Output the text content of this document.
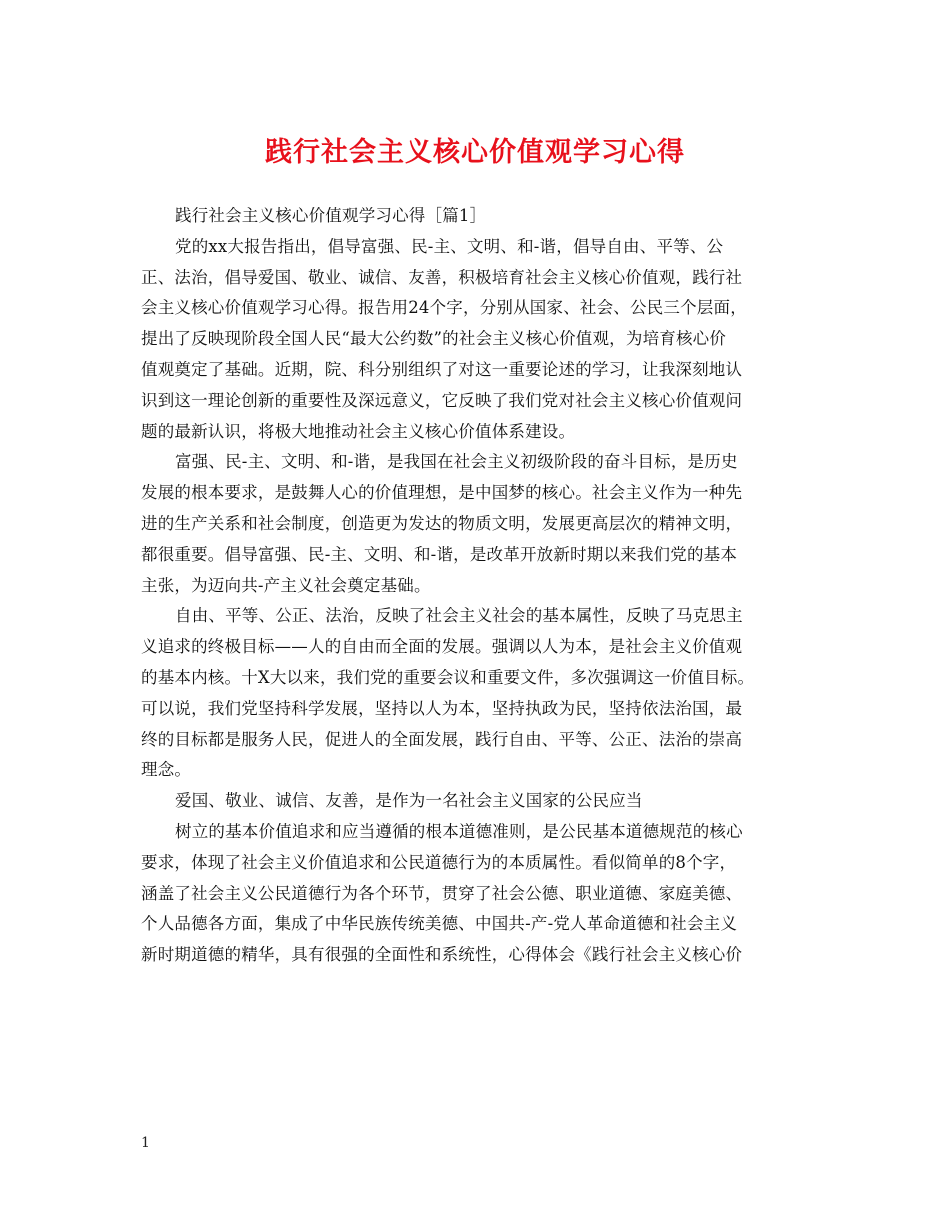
践行社会主义核心价值观学习心得
践行社会主义核心价值观学习心得［篇1］
党的xx大报告指出，倡导富强、民-主、文明、和-谐，倡导自由、平等、公
正、法治，倡导爱国、敬业、诚信、友善，积极培育社会主义核心价值观，践行社
会主义核心价值观学习心得。报告用24个字，分别从国家、社会、公民三个层面，
提出了反映现阶段全国人民“最大公约数”的社会主义核心价值观，为培育核心价
值观奠定了基础。近期，院、科分别组织了对这一重要论述的学习，让我深刻地认
识到这一理论创新的重要性及深远意义，它反映了我们党对社会主义核心价值观问
题的最新认识，将极大地推动社会主义核心价值体系建设。
富强、民-主、文明、和-谐，是我国在社会主义初级阶段的奋斗目标，是历史
发展的根本要求，是鼓舞人心的价值理想，是中国梦的核心。社会主义作为一种先
进的生产关系和社会制度，创造更为发达的物质文明，发展更高层次的精神文明，
都很重要。倡导富强、民-主、文明、和-谐，是改革开放新时期以来我们党的基本
主张，为迈向共-产主义社会奠定基础。
自由、平等、公正、法治，反映了社会主义社会的基本属性，反映了马克思主
义追求的终极目标——人的自由而全面的发展。强调以人为本，是社会主义价值观
的基本内核。十X大以来，我们党的重要会议和重要文件，多次强调这一价值目标。
可以说，我们党坚持科学发展，坚持以人为本，坚持执政为民，坚持依法治国，最
终的目标都是服务人民，促进人的全面发展，践行自由、平等、公正、法治的崇高
理念。
爱国、敬业、诚信、友善，是作为一名社会主义国家的公民应当
树立的基本价值追求和应当遵循的根本道德准则，是公民基本道德规范的核心
要求，体现了社会主义价值追求和公民道德行为的本质属性。看似简单的8个字，
涵盖了社会主义公民道德行为各个环节，贯穿了社会公德、职业道德、家庭美德、
个人品德各方面，集成了中华民族传统美德、中国共-产-党人革命道德和社会主义
新时期道德的精华，具有很强的全面性和系统性，心得体会《践行社会主义核心价
1
